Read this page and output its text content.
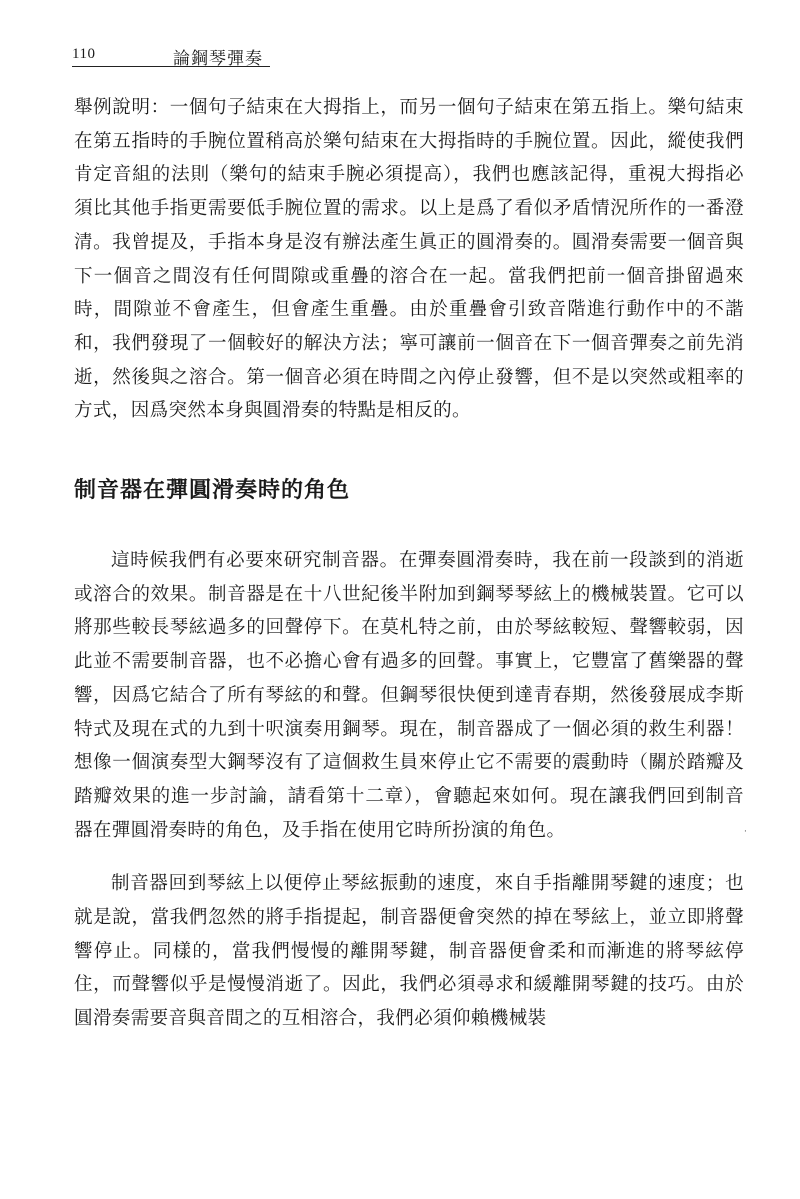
110	論鋼琴彈奏

舉例說明：一個句子結束在大拇指上，而另一個句子結束在第五指上。樂句結束在第五指時的手腕位置稍高於樂句結束在大拇指時的手腕位置。因此，縱使我們肯定音組的法則（樂句的結束手腕必須提高），我們也應該記得，重視大拇指必須比其他手指更需要低手腕位置的需求。以上是爲了看似矛盾情況所作的一番澄清。我曾提及，手指本身是沒有辦法產生眞正的圓滑奏的。圓滑奏需要一個音與下一個音之間沒有任何間隙或重疊的溶合在一起。當我們把前一個音掛留過來時，間隙並不會產生，但會產生重疊。由於重疊會引致音階進行動作中的不諧和，我們發現了一個較好的解決方法；寧可讓前一個音在下一個音彈奏之前先消逝，然後與之溶合。第一個音必須在時間之內停止發響，但不是以突然或粗率的方式，因爲突然本身與圓滑奏的特點是相反的。

制音器在彈圓滑奏時的角色

這時候我們有必要來研究制音器。在彈奏圓滑奏時，我在前一段談到的消逝或溶合的效果。制音器是在十八世紀後半附加到鋼琴琴絃上的機械裝置。它可以將那些較長琴絃過多的回聲停下。在莫札特之前，由於琴絃較短、聲響較弱，因此並不需要制音器，也不必擔心會有過多的回聲。事實上，它豐富了舊樂器的聲響，因爲它結合了所有琴絃的和聲。但鋼琴很快便到達青春期，然後發展成李斯特式及現在式的九到十呎演奏用鋼琴。現在，制音器成了一個必須的救生利器！想像一個演奏型大鋼琴沒有了這個救生員來停止它不需要的震動時（關於踏瓣及踏瓣效果的進一步討論，請看第十二章），會聽起來如何。現在讓我們回到制音器在彈圓滑奏時的角色，及手指在使用它時所扮演的角色。

制音器回到琴絃上以便停止琴絃振動的速度，來自手指離開琴鍵的速度；也就是說，當我們忽然的將手指提起，制音器便會突然的掉在琴絃上，並立即將聲響停止。同樣的，當我們慢慢的離開琴鍵，制音器便會柔和而漸進的將琴絃停住，而聲響似乎是慢慢消逝了。因此，我們必須尋求和緩離開琴鍵的技巧。由於圓滑奏需要音與音間之的互相溶合，我們必須仰賴機械裝

·
